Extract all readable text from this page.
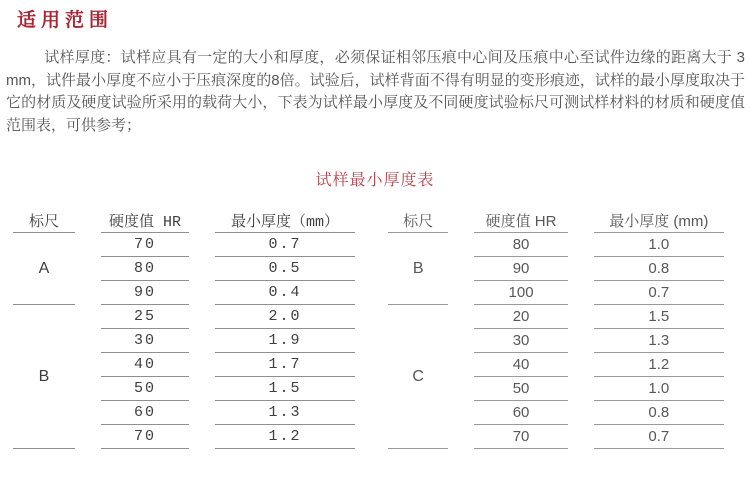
适用范围

试样厚度：试样应具有一定的大小和厚度，必须保证相邻压痕中心间及压痕中心至试件边缘的距离大于 3 mm，试件最小厚度不应小于压痕深度的8倍。试验后，试样背面不得有明显的变形痕迹，试样的最小厚度取决于它的材质及硬度试验所采用的载荷大小，下表为试样最小厚度及不同硬度试验标尺可测试样材料的材质和硬度值范围表，可供参考；

试样最小厚度表
标尺	硬度值 HR	最小厚度（mm）
A	70	0.7
	80	0.5
	90	0.4
B	25	2.0
	30	1.9
	40	1.7
	50	1.5
	60	1.3
	70	1.2
标尺	硬度值 HR	最小厚度 (mm)
B	80	1.0
	90	0.8
	100	0.7
C	20	1.5
	30	1.3
	40	1.2
	50	1.0
	60	0.8
	70	0.7
